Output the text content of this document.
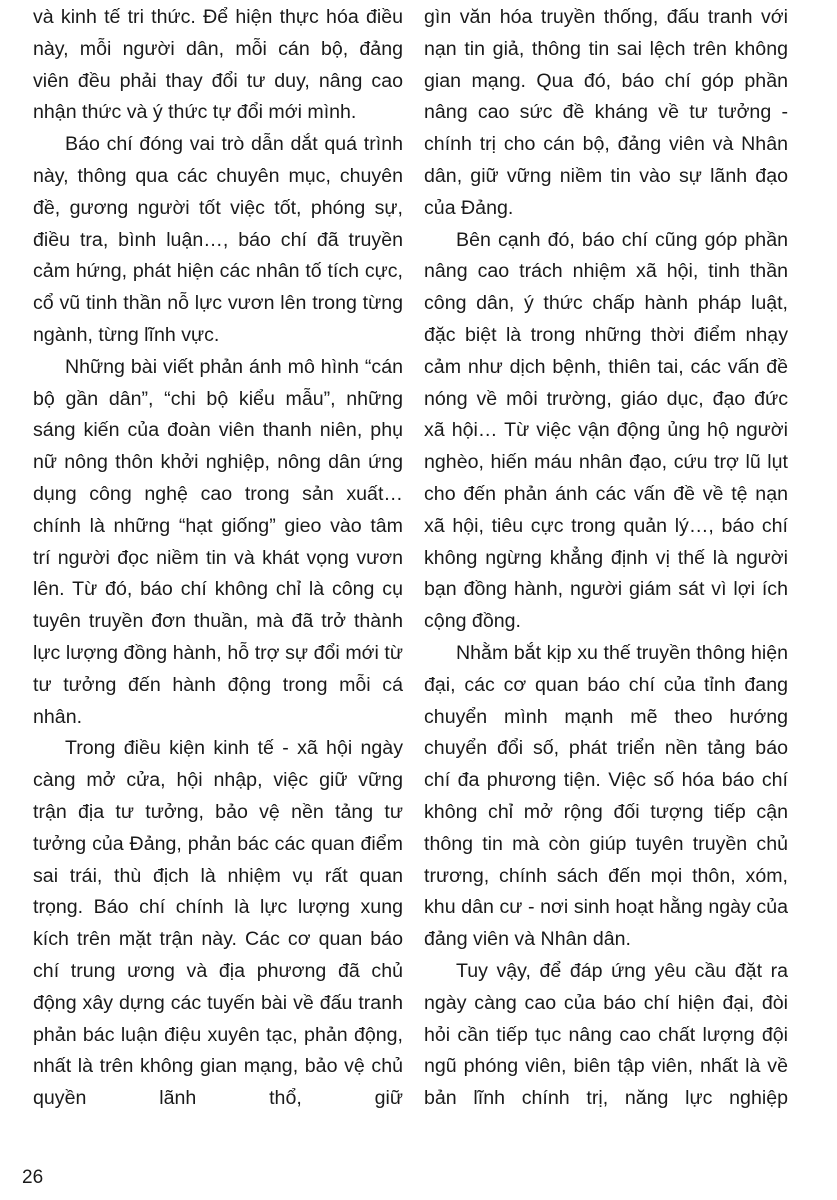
và kinh tế tri thức. Để hiện thực hóa điều này, mỗi người dân, mỗi cán bộ, đảng viên đều phải thay đổi tư duy, nâng cao nhận thức và ý thức tự đổi mới mình.

Báo chí đóng vai trò dẫn dắt quá trình này, thông qua các chuyên mục, chuyên đề, gương người tốt việc tốt, phóng sự, điều tra, bình luận…, báo chí đã truyền cảm hứng, phát hiện các nhân tố tích cực, cổ vũ tinh thần nỗ lực vươn lên trong từng ngành, từng lĩnh vực.

Những bài viết phản ánh mô hình “cán bộ gần dân”, “chi bộ kiểu mẫu”, những sáng kiến của đoàn viên thanh niên, phụ nữ nông thôn khởi nghiệp, nông dân ứng dụng công nghệ cao trong sản xuất… chính là những “hạt giống” gieo vào tâm trí người đọc niềm tin và khát vọng vươn lên. Từ đó, báo chí không chỉ là công cụ tuyên truyền đơn thuần, mà đã trở thành lực lượng đồng hành, hỗ trợ sự đổi mới từ tư tưởng đến hành động trong mỗi cá nhân.

Trong điều kiện kinh tế - xã hội ngày càng mở cửa, hội nhập, việc giữ vững trận địa tư tưởng, bảo vệ nền tảng tư tưởng của Đảng, phản bác các quan điểm sai trái, thù địch là nhiệm vụ rất quan trọng. Báo chí chính là lực lượng xung kích trên mặt trận này. Các cơ quan báo chí trung ương và địa phương đã chủ động xây dựng các tuyến bài về đấu tranh phản bác luận điệu xuyên tạc, phản động, nhất là trên không gian mạng, bảo vệ chủ quyền lãnh thổ, giữ

gìn văn hóa truyền thống, đấu tranh với nạn tin giả, thông tin sai lệch trên không gian mạng. Qua đó, báo chí góp phần nâng cao sức đề kháng về tư tưởng - chính trị cho cán bộ, đảng viên và Nhân dân, giữ vững niềm tin vào sự lãnh đạo của Đảng.

Bên cạnh đó, báo chí cũng góp phần nâng cao trách nhiệm xã hội, tinh thần công dân, ý thức chấp hành pháp luật, đặc biệt là trong những thời điểm nhạy cảm như dịch bệnh, thiên tai, các vấn đề nóng về môi trường, giáo dục, đạo đức xã hội… Từ việc vận động ủng hộ người nghèo, hiến máu nhân đạo, cứu trợ lũ lụt cho đến phản ánh các vấn đề về tệ nạn xã hội, tiêu cực trong quản lý…, báo chí không ngừng khẳng định vị thế là người bạn đồng hành, người giám sát vì lợi ích cộng đồng.

Nhằm bắt kịp xu thế truyền thông hiện đại, các cơ quan báo chí của tỉnh đang chuyển mình mạnh mẽ theo hướng chuyển đổi số, phát triển nền tảng báo chí đa phương tiện. Việc số hóa báo chí không chỉ mở rộng đối tượng tiếp cận thông tin mà còn giúp tuyên truyền chủ trương, chính sách đến mọi thôn, xóm, khu dân cư - nơi sinh hoạt hằng ngày của đảng viên và Nhân dân.

Tuy vậy, để đáp ứng yêu cầu đặt ra ngày càng cao của báo chí hiện đại, đòi hỏi cần tiếp tục nâng cao chất lượng đội ngũ phóng viên, biên tập viên, nhất là về bản lĩnh chính trị, năng lực nghiệp

26
